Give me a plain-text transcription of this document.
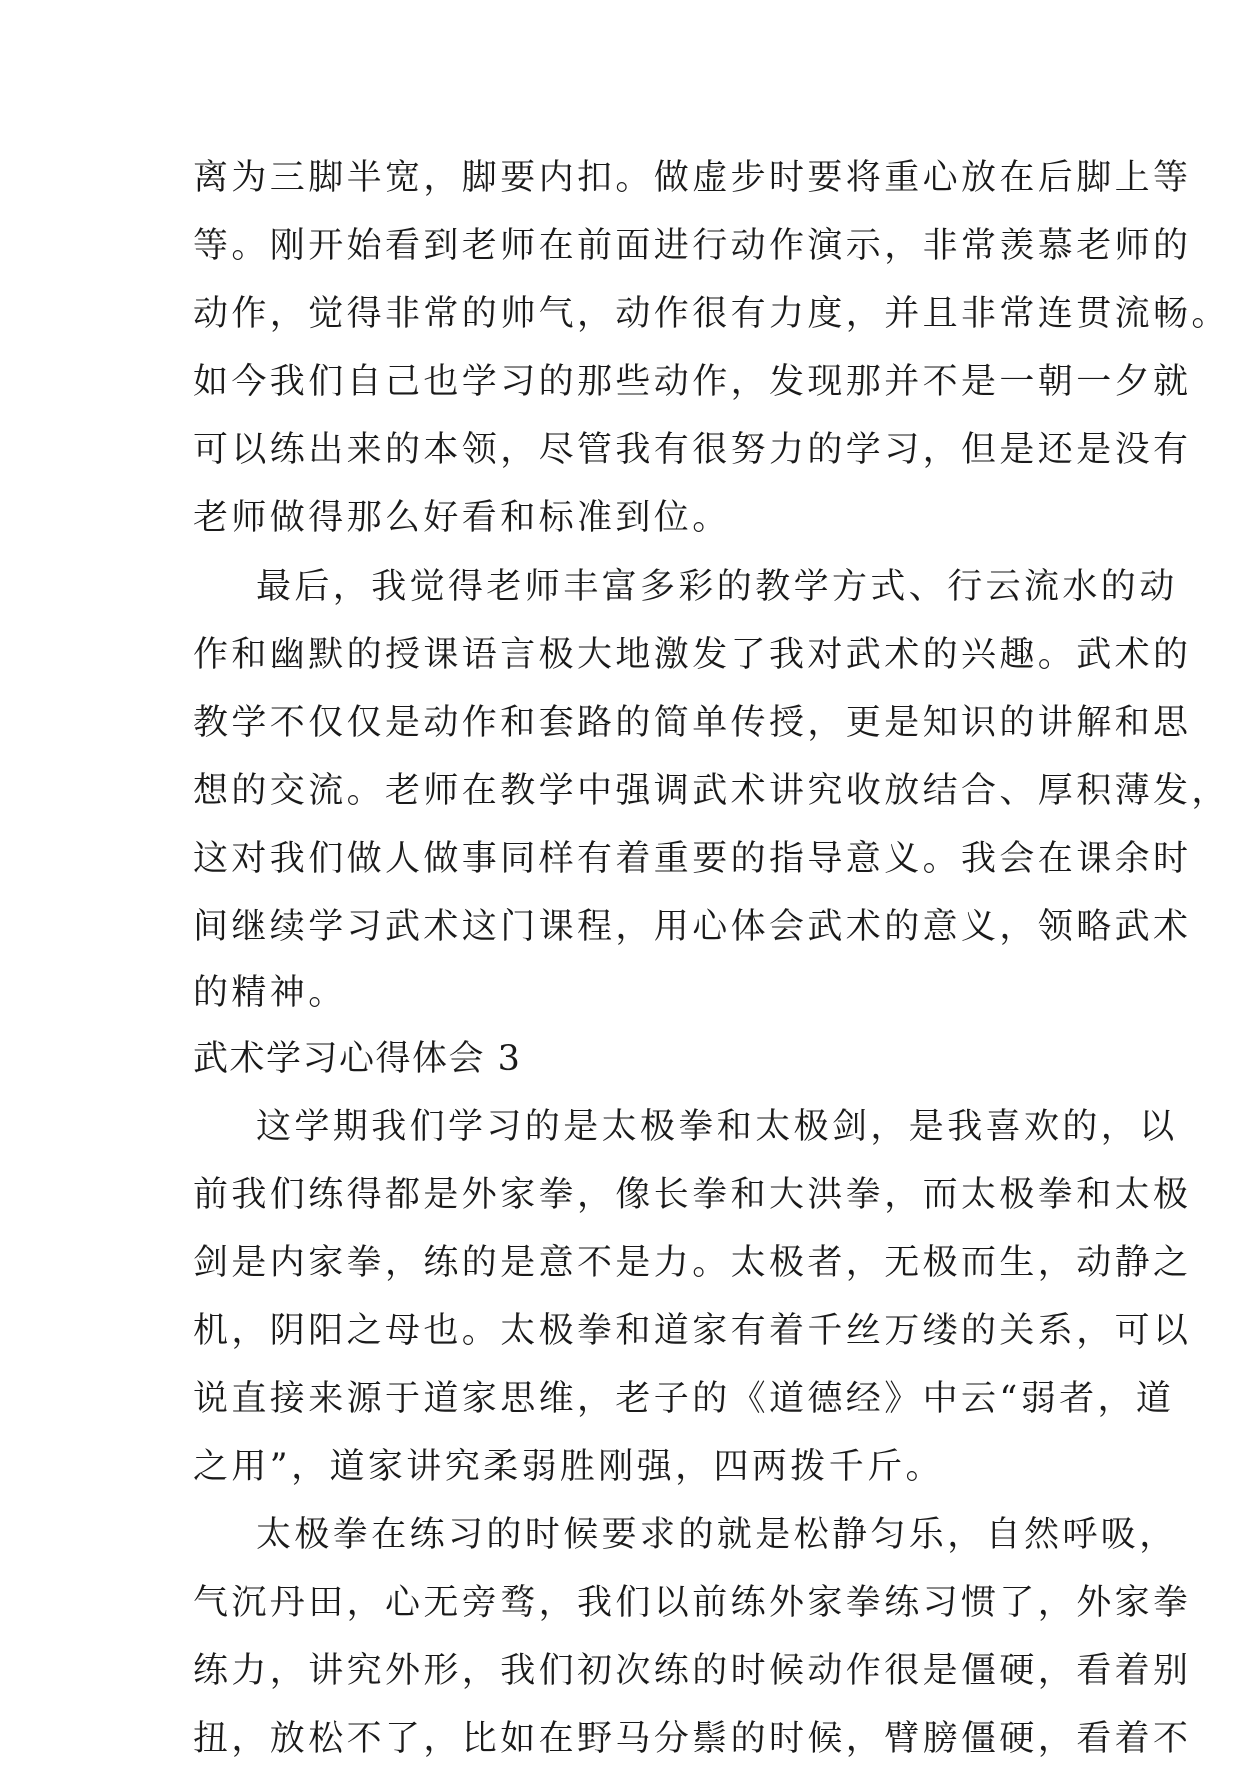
离为三脚半宽，脚要内扣。做虚步时要将重心放在后脚上等
等。刚开始看到老师在前面进行动作演示，非常羡慕老师的
动作，觉得非常的帅气，动作很有力度，并且非常连贯流畅。
如今我们自己也学习的那些动作，发现那并不是一朝一夕就
可以练出来的本领，尽管我有很努力的学习，但是还是没有
老师做得那么好看和标准到位。
最后，我觉得老师丰富多彩的教学方式、行云流水的动
作和幽默的授课语言极大地激发了我对武术的兴趣。武术的
教学不仅仅是动作和套路的简单传授，更是知识的讲解和思
想的交流。老师在教学中强调武术讲究收放结合、厚积薄发，
这对我们做人做事同样有着重要的指导意义。我会在课余时
间继续学习武术这门课程，用心体会武术的意义，领略武术
的精神。
武术学习心得体会 3
这学期我们学习的是太极拳和太极剑，是我喜欢的，以
前我们练得都是外家拳，像长拳和大洪拳，而太极拳和太极
剑是内家拳，练的是意不是力。太极者，无极而生，动静之
机，阴阳之母也。太极拳和道家有着千丝万缕的关系，可以
说直接来源于道家思维，老子的《道德经》中云“弱者，道
之用”，道家讲究柔弱胜刚强，四两拨千斤。
太极拳在练习的时候要求的就是松静匀乐，自然呼吸，
气沉丹田，心无旁骛，我们以前练外家拳练习惯了，外家拳
练力，讲究外形，我们初次练的时候动作很是僵硬，看着别
扭，放松不了，比如在野马分鬃的时候，臂膀僵硬，看着不
